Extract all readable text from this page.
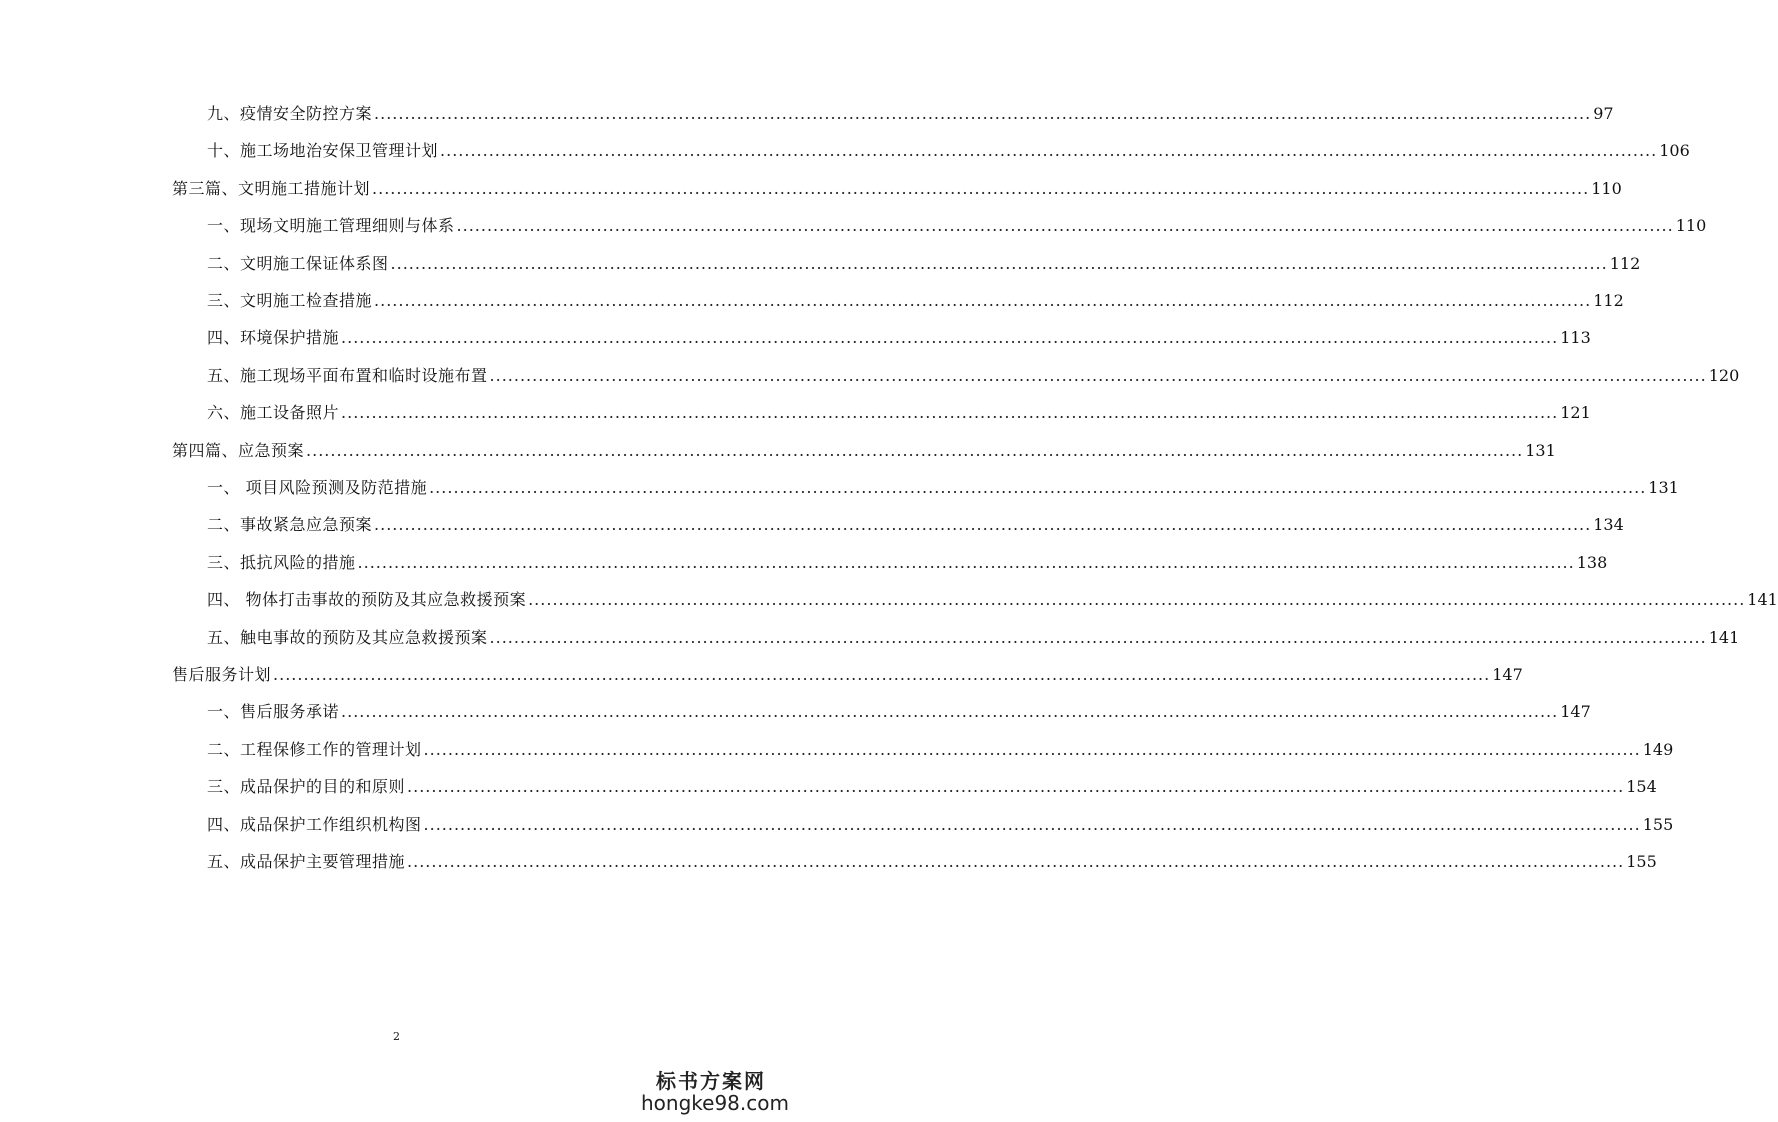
九、疫情安全防控方案 ........................................................................................................................................................................................................ 97
十、施工场地治安保卫管理计划 ........................................................................................................................................................................................................ 106
第三篇、文明施工措施计划 ........................................................................................................................................................................................................ 110
一、现场文明施工管理细则与体系 ........................................................................................................................................................................................................ 110
二、文明施工保证体系图 ........................................................................................................................................................................................................ 112
三、文明施工检查措施 ........................................................................................................................................................................................................ 112
四、环境保护措施 ........................................................................................................................................................................................................ 113
五、施工现场平面布置和临时设施布置 ........................................................................................................................................................................................................ 120
六、施工设备照片 ........................................................................................................................................................................................................ 121
第四篇、应急预案 ........................................................................................................................................................................................................ 131
一、 项目风险预测及防范措施 ........................................................................................................................................................................................................ 131
二、事故紧急应急预案 ........................................................................................................................................................................................................ 134
三、抵抗风险的措施 ........................................................................................................................................................................................................ 138
四、 物体打击事故的预防及其应急救援预案 ........................................................................................................................................................................................................ 141
五、触电事故的预防及其应急救援预案 ........................................................................................................................................................................................................ 141
售后服务计划 ........................................................................................................................................................................................................ 147
一、售后服务承诺 ........................................................................................................................................................................................................ 147
二、工程保修工作的管理计划 ........................................................................................................................................................................................................ 149
三、成品保护的目的和原则 ........................................................................................................................................................................................................ 154
四、成品保护工作组织机构图 ........................................................................................................................................................................................................ 155
五、成品保护主要管理措施 ........................................................................................................................................................................................................ 155
2
标书方案网
hongke98.com
